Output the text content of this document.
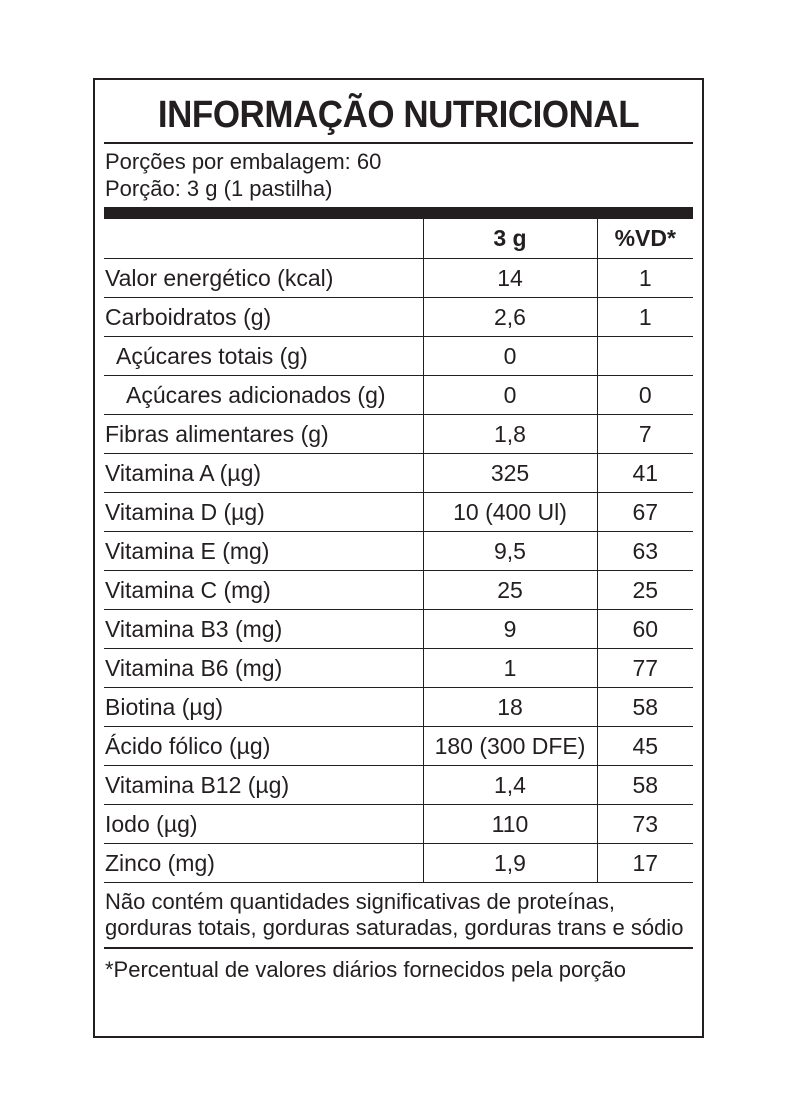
INFORMAÇÃO NUTRICIONAL
Porções por embalagem: 60
Porção: 3 g (1 pastilha)
	3 g	%VD*
Valor energético (kcal)	14	1
Carboidratos (g)	2,6	1
Açúcares totais (g)	0	
Açúcares adicionados (g)	0	0
Fibras alimentares (g)	1,8	7
Vitamina A (µg)	325	41
Vitamina D (µg)	10 (400 Ul)	67
Vitamina E (mg)	9,5	63
Vitamina C (mg)	25	25
Vitamina B3 (mg)	9	60
Vitamina B6 (mg)	1	77
Biotina (µg)	18	58
Ácido fólico (µg)	180 (300 DFE)	45
Vitamina B12 (µg)	1,4	58
Iodo (µg)	110	73
Zinco (mg)	1,9	17
Não contém quantidades significativas de proteínas, gorduras totais, gorduras saturadas, gorduras trans e sódio
*Percentual de valores diários fornecidos pela porção
